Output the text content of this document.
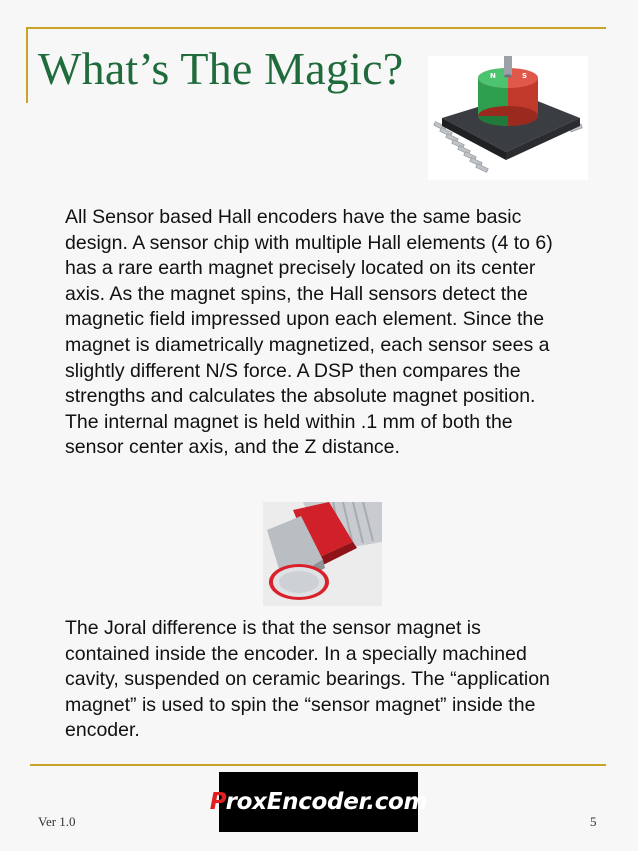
What’s The Magic?	N	S

All Sensor based Hall encoders have the same basic design. A sensor chip with multiple Hall elements (4 to 6) has a rare earth magnet precisely located on its center axis. As the magnet spins, the Hall sensors detect the magnetic field impressed upon each element. Since the magnet is diametrically magnetized, each sensor sees a slightly different N/S force. A DSP then compares the strengths and calculates the absolute magnet position. The internal magnet is held within .1 mm of both the sensor center axis, and the Z distance.

The Joral difference is that the sensor magnet is contained inside the encoder. In a specially machined cavity, suspended on ceramic bearings. The “application magnet” is used to spin the “sensor magnet” inside the encoder.

ProxEncoder.com
Ver 1.0	5
